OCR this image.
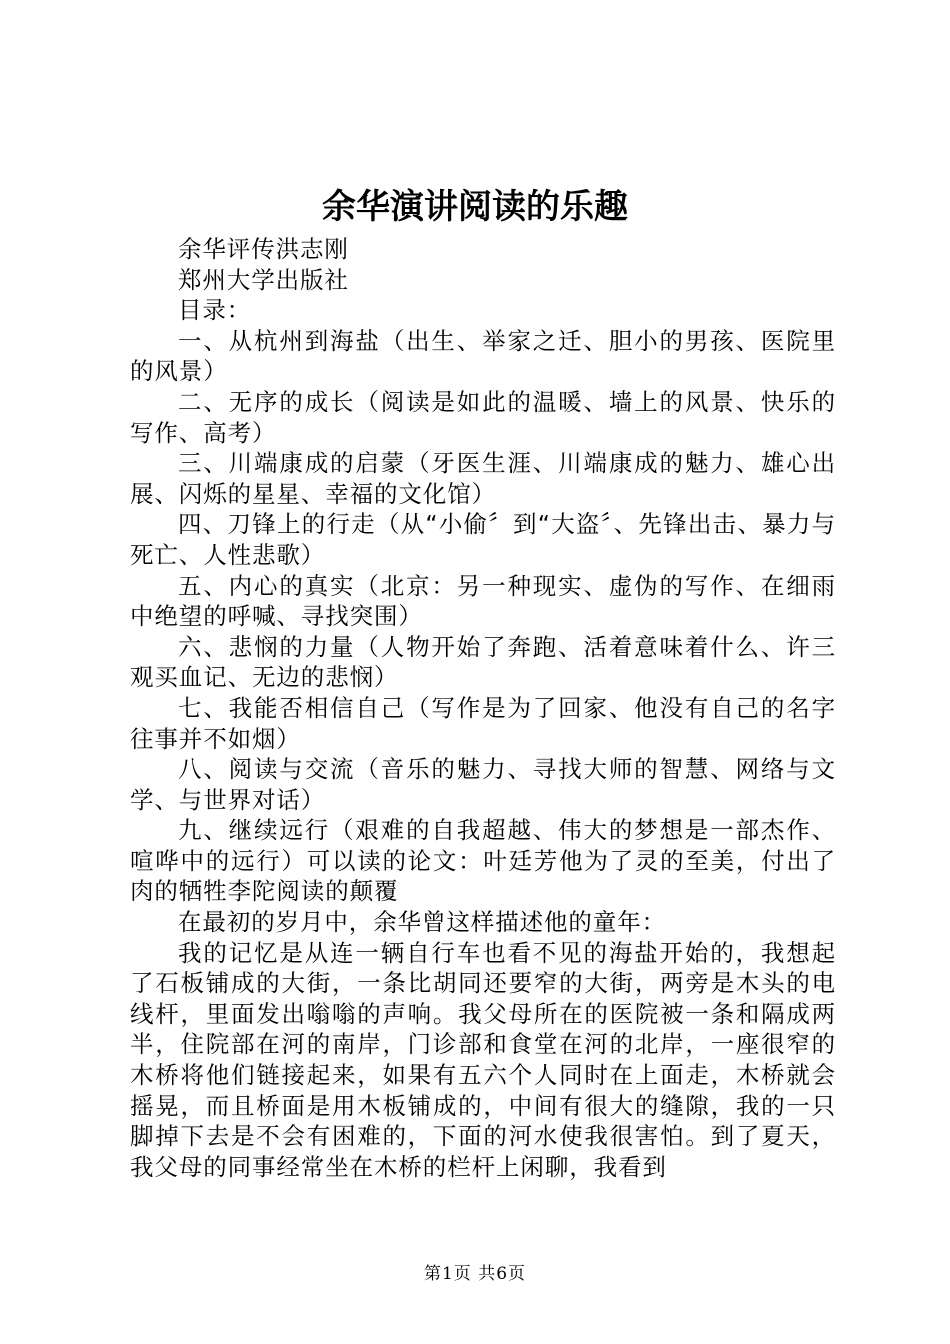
余华演讲阅读的乐趣

余华评传洪志刚

郑州大学出版社

目录：

一、从杭州到海盐（出生、举家之迁、胆小的男孩、医院里的风景）

二、无序的成长（阅读是如此的温暖、墙上的风景、快乐的写作、高考）

三、川端康成的启蒙（牙医生涯、川端康成的魅力、雄心出展、闪烁的星星、幸福的文化馆）

四、刀锋上的行走（从“小偷〞到“大盗〞、先锋出击、暴力与死亡、人性悲歌）

五、内心的真实（北京：另一种现实、虚伪的写作、在细雨中绝望的呼喊、寻找突围）

六、悲悯的力量（人物开始了奔跑、活着意味着什么、许三观买血记、无边的悲悯）

七、我能否相信自己（写作是为了回家、他没有自己的名字往事并不如烟）

八、阅读与交流（音乐的魅力、寻找大师的智慧、网络与文学、与世界对话）

九、继续远行（艰难的自我超越、伟大的梦想是一部杰作、喧哗中的远行）可以读的论文：叶廷芳他为了灵的至美，付出了肉的牺牲李陀阅读的颠覆

在最初的岁月中，余华曾这样描述他的童年：

我的记忆是从连一辆自行车也看不见的海盐开始的，我想起了石板铺成的大街，一条比胡同还要窄的大街，两旁是木头的电线杆，里面发出嗡嗡的声响。我父母所在的医院被一条和隔成两半，住院部在河的南岸，门诊部和食堂在河的北岸，一座很窄的木桥将他们链接起来，如果有五六个人同时在上面走，木桥就会摇晃，而且桥面是用木板铺成的，中间有很大的缝隙，我的一只脚掉下去是不会有困难的，下面的河水使我很害怕。到了夏天，我父母的同事经常坐在木桥的栏杆上闲聊，我看到

第1页 共6页
